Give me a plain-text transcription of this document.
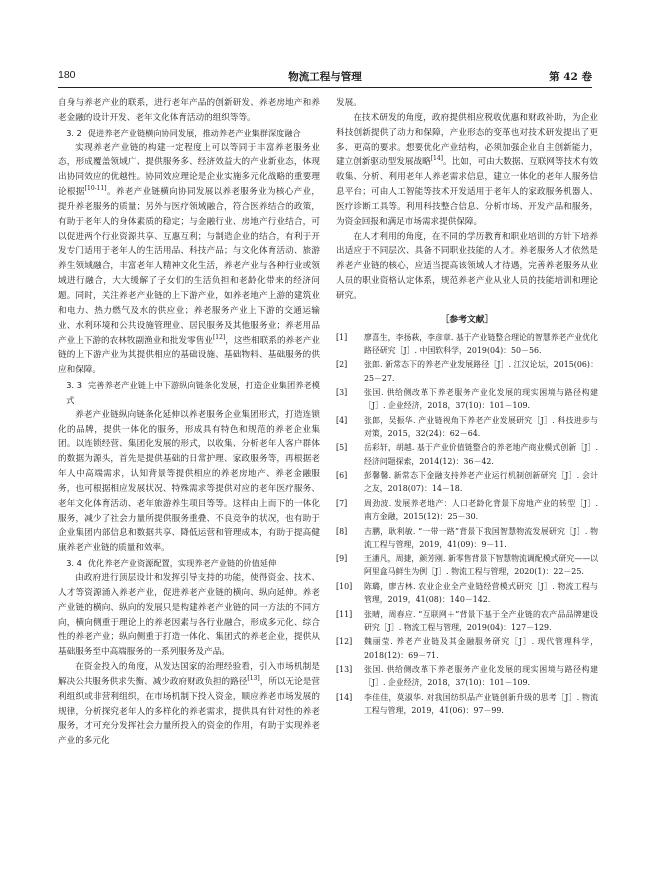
180	物流工程与管理	第 42 卷

自身与养老产业的联系，进行老年产品的创新研发、养老房地产和养老金融的设计开发、老年文化体育活动的组织等等。

3. 2 促进养老产业链横向协同发展，推动养老产业集群深度融合

实现养老产业链的构建一定程度上可以等同于丰富养老服务业态，形成覆盖领域广、提供服务多、经济效益大的产业新业态，体现出协同效应的优越性。协同效应理论是企业实施多元化战略的重要理论根据[10-11]。养老产业链横向协同发展以养老服务业为核心产业，提升养老服务的质量；另外与医疗领域融合，符合医养结合的政策，有助于老年人的身体素质的稳定；与金融行业、房地产行业结合，可以促进两个行业资源共享、互惠互利；与制造企业的结合，有利于开发专门适用于老年人的生活用品、科技产品；与文化体育活动、旅游养生领域融合，丰富老年人精神文化生活，养老产业与各种行业或领域进行融合，大大缓解了子女们的生活负担和老龄化带来的经济问题。同时，关注养老产业链的上下游产业，如养老地产上游的建筑业和电力、热力燃气及水的供应业；养老服务产业上下游的交通运输业、水利环境和公共设施管理业、居民服务及其他服务业；养老用品产业上下游的农林牧副渔业和批发零售业[12]，这些相联系的养老产业链的上下游产业为其提供相应的基础设施、基础物料、基础服务的供应和保障。

3. 3 完善养老产业链上中下游纵向链条化发展，打造企业集团养老模式

养老产业链纵向链条化延伸以养老服务企业集团形式，打造连锁化的品牌，提供一体化的服务，形成具有特色和规范的养老企业集团。以连锁经营、集团化发展的形式，以收集、分析老年人客户群体的数据为源头，首先是提供基础的日常护理、家政服务等，再根据老年人中高端需求，认知背景等提供相应的养老房地产、养老金融服务，也可根据相应发展状况、特殊需求等提供对应的老年医疗服务、老年文化体育活动、老年旅游养生项目等等。这样由上而下的一体化服务，减少了社会力量所提供服务重叠、不良竞争的状况，也有助于企业集团内部信息和数据共享、降低运营和管理成本，有助于提高健康养老产业链的质量和效率。

3. 4 优化养老产业资源配置，实现养老产业链的价值延伸

由政府进行顶层设计和发挥引导支持的功能，使得资金、技术、人才等资源涌入养老产业，促进养老产业链的横向、纵向延伸。养老产业链的横向、纵向的发展只是构建养老产业链的同一方法的不同方向，横向侧重于理论上的养老因素与各行业融合，形成多元化、综合性的养老产业；纵向侧重于打造一体化、集团式的养老企业，提供从基础服务至中高端服务的一系列服务及产品。

在资金投入的角度，从发达国家的治理经验看，引入市场机制是解决公共服务供求失衡、减少政府财政负担的路径[13]，所以无论是营利组织或非营利组织，在市场机制下投入资金，顺应养老市场发展的规律，分析探究老年人的多样化的养老需求，提供具有针对性的养老服务，才可充分发挥社会力量所投入的资金的作用，有助于实现养老产业的多元化

发展。

在技术研发的角度，政府提供相应税收优惠和财政补助，为企业科技创新提供了动力和保障，产业形态的变革也对技术研发提出了更多、更高的要求。想要优化产业结构，必须加强企业自主创新能力，建立创新驱动型发展战略[14]。比如，可由大数据、互联网等技术有效收集、分析、利用老年人养老需求信息，建立一体化的老年人服务信息平台；可由人工智能等技术开发适用于老年人的家政服务机器人、医疗诊断工具等。利用科技整合信息、分析市场、开发产品和服务，为资金回报和满足市场需求提供保障。

在人才利用的角度，在不同的学历教育和职业培训的方针下培养出适应于不同层次、具备不同职业技能的人才。养老服务人才依然是养老产业链的核心，应适当提高该领域人才待遇，完善养老服务从业人员的职业资格认定体系，规范养老产业从业人员的技能培训和理论研究。

［参考文献］
[1] 廖喜生，李扬萩，李彦章. 基于产业链整合理论的智慧养老产业优化路径研究［J］. 中国软科学，2019(04)：50－56.
[2] 张郎. 新常态下的养老产业发展路径［J］. 江汉论坛，2015(06)：25－27.
[3] 张国. 供给侧改革下养老服务产业化发展的现实困境与路径构建［J］. 企业经济，2018，37(10)：101－109.
[4] 张郎，吴振华. 产业链视角下养老产业发展研究［J］. 科技进步与对策，2015，32(24)：62－64.
[5] 岳彩轩，胡越. 基于产业价值链整合的养老地产商业模式创新［J］. 经济问题探索，2014(12)：36－42.
[6] 彭馨馨. 新常态下金融支持养老产业运行机制创新研究［J］. 会计之友，2018(07)：14－18.
[7] 周劲波. 发展养老地产：人口老龄化背景下房地产业的转型［J］. 南方金融，2015(12)：25－30.
[8] 吉鹏，耿利敏. “一带一路”背景下我国智慧物流发展研究［J］. 物流工程与管理，2019，41(09)：9－11.
[9] 王潘凡，周捷，颜芳刚. 新零售背景下智慧物流调配模式研究——以阿里盒马鲜生为例［J］. 物流工程与管理，2020(1)：22－25.
[10] 陈璐，廖吉林. 农业企业全产业链经营模式研究［J］. 物流工程与管理，2019，41(08)：140－142.
[11] 张晴，周春应. “互联网＋”背景下基于全产业链的农产品品牌建设研究［J］. 物流工程与管理，2019(04)：127－129.
[12] 魏丽莹. 养老产业链及其金融服务研究［J］. 现代管理科学，2018(12)：69－71.
[13] 张国. 供给侧改革下养老服务产业化发展的现实困境与路径构建［J］. 企业经济，2018，37(10)：101－109.
[14] 李佳佳，莫淑华. 对我国纺织品产业链创新升级的思考［J］. 物流工程与管理，2019，41(06)：97－99.
